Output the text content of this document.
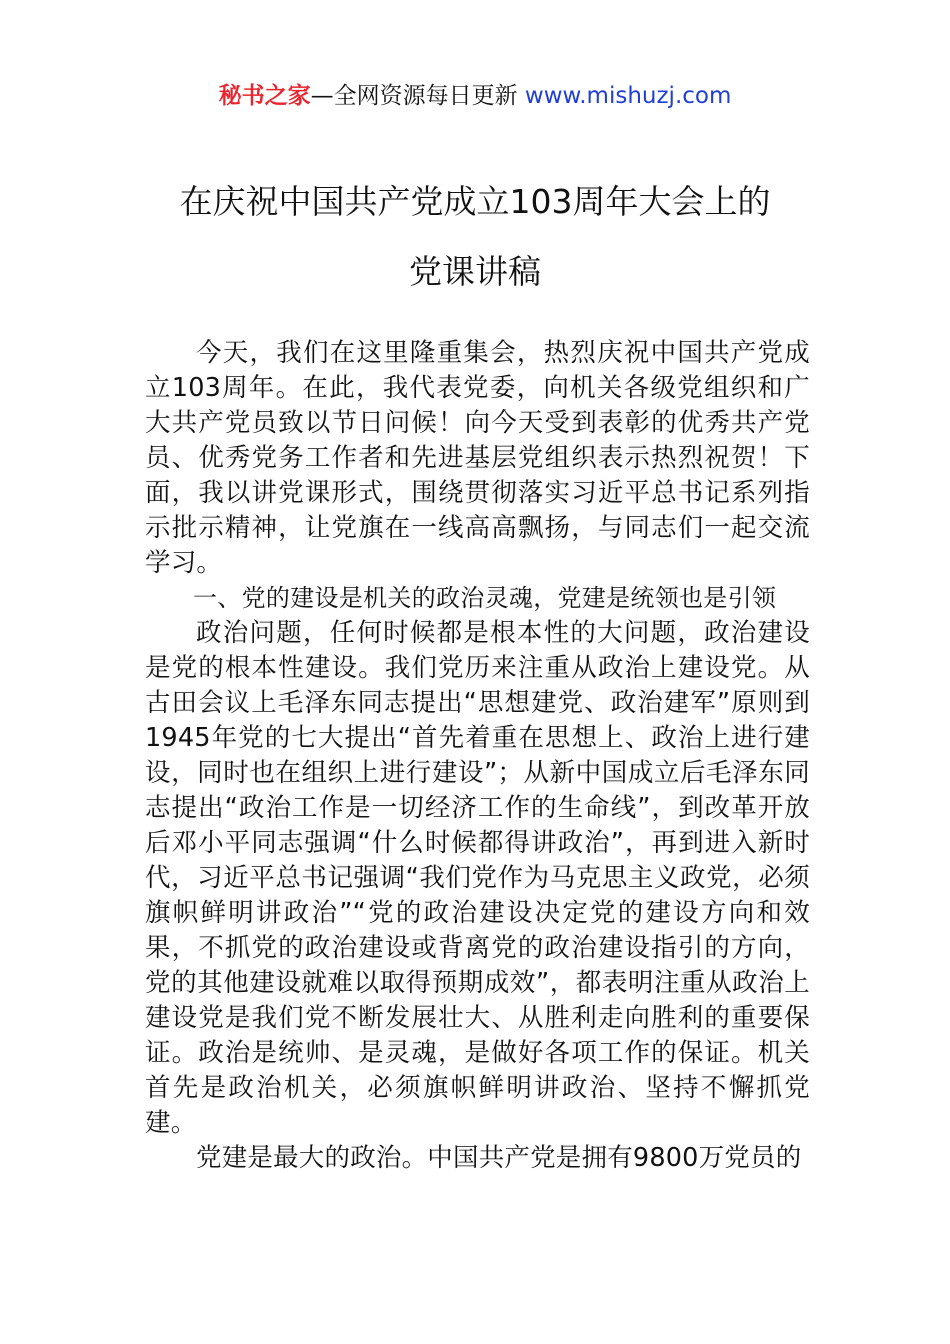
秘书之家—全网资源每日更新 www.mishuzj.com
在庆祝中国共产党成立103周年大会上的
党课讲稿

今天，我们在这里隆重集会，热烈庆祝中国共产党成立103周年。在此，我代表党委，向机关各级党组织和广大共产党员致以节日问候！向今天受到表彰的优秀共产党员、优秀党务工作者和先进基层党组织表示热烈祝贺！下面，我以讲党课形式，围绕贯彻落实习近平总书记系列指示批示精神，让党旗在一线高高飘扬，与同志们一起交流学习。

一、党的建设是机关的政治灵魂，党建是统领也是引领

政治问题，任何时候都是根本性的大问题，政治建设是党的根本性建设。我们党历来注重从政治上建设党。从古田会议上毛泽东同志提出“思想建党、政治建军”原则到1945年党的七大提出“首先着重在思想上、政治上进行建设，同时也在组织上进行建设”；从新中国成立后毛泽东同志提出“政治工作是一切经济工作的生命线”，到改革开放后邓小平同志强调“什么时候都得讲政治”，再到进入新时代，习近平总书记强调“我们党作为马克思主义政党，必须旗帜鲜明讲政治”“党的政治建设决定党的建设方向和效果，不抓党的政治建设或背离党的政治建设指引的方向，党的其他建设就难以取得预期成效”，都表明注重从政治上建设党是我们党不断发展壮大、从胜利走向胜利的重要保证。政治是统帅、是灵魂，是做好各项工作的保证。机关首先是政治机关，必须旗帜鲜明讲政治、坚持不懈抓党建。

党建是最大的政治。中国共产党是拥有9800万党员的
